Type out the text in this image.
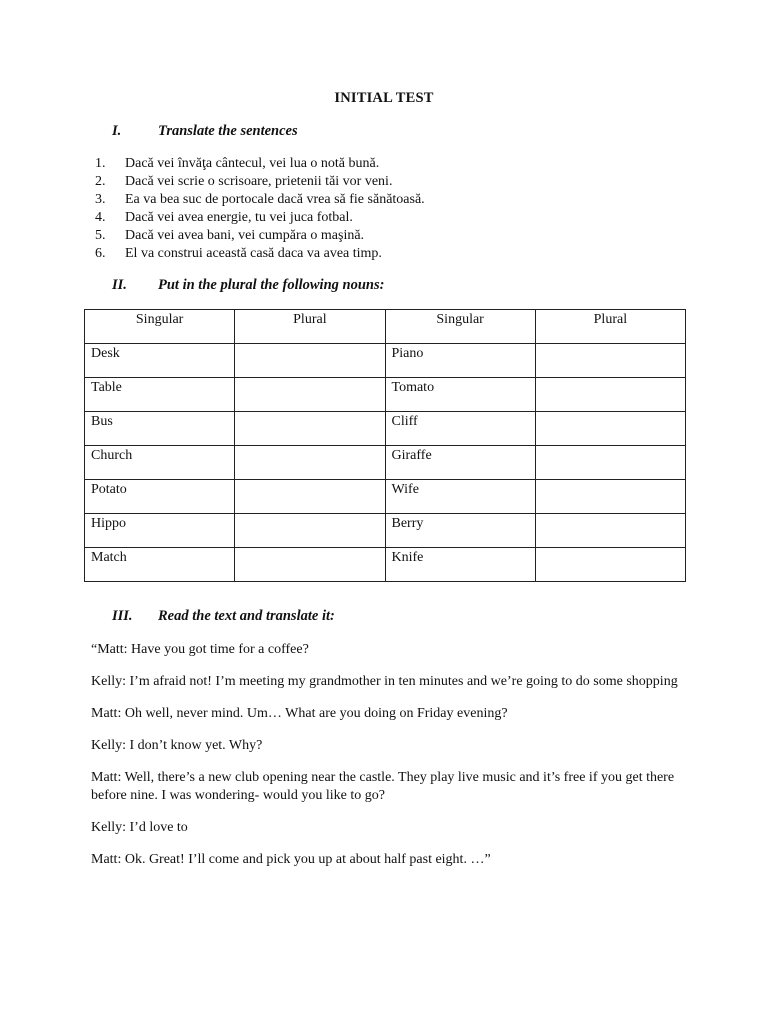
INITIAL TEST
I.	Translate the sentences
1. Dacă vei învăţa cântecul, vei lua o notă bună.
2. Dacă vei scrie o scrisoare, prietenii tăi vor veni.
3. Ea va bea suc de portocale dacă vrea să fie sănătoasă.
4. Dacă vei avea energie, tu vei juca fotbal.
5. Dacă vei avea bani, vei cumpăra o maşină.
6. El va construi această casă daca va avea timp.
II. Put in the plural the following nouns:
Singular	Plural	Singular	Plural
Desk		Piano	
Table		Tomato	
Bus		Cliff	
Church		Giraffe	
Potato		Wife	
Hippo		Berry	
Match		Knife	
III. Read the text and translate it:

“Matt: Have you got time for a coffee?

Kelly: I’m afraid not! I’m meeting my grandmother in ten minutes and we’re going to do some shopping

Matt: Oh well, never mind. Um… What are you doing on Friday evening?

Kelly: I don’t know yet. Why?

Matt: Well, there’s a new club opening near the castle. They play live music and it’s free if you get there before nine. I was wondering- would you like to go?

Kelly: I’d love to

Matt: Ok. Great! I’ll come and pick you up at about half past eight. …”
